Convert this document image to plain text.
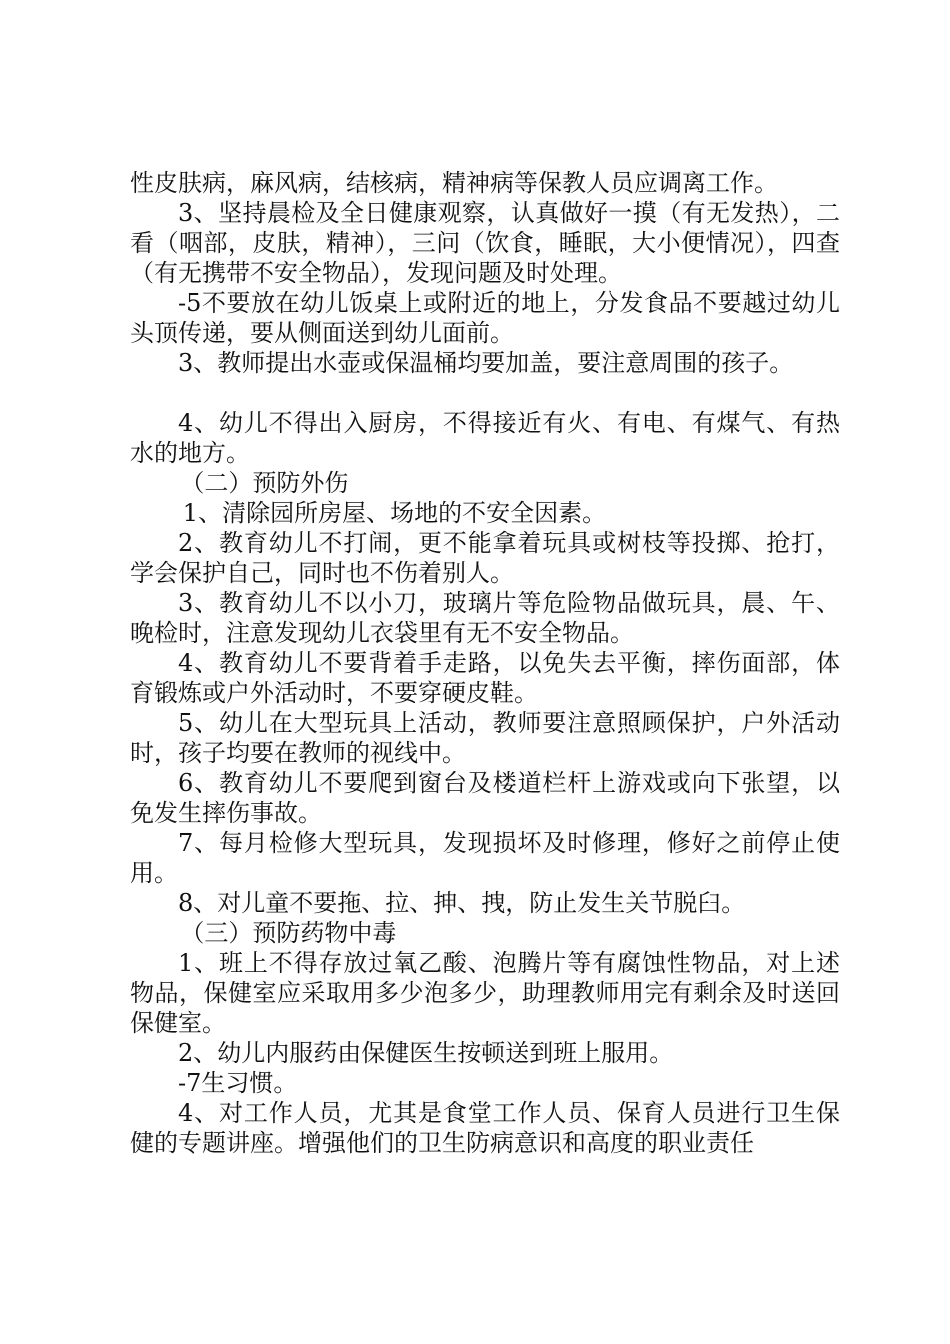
性皮肤病，麻风病，结核病，精神病等保教人员应调离工作。

3、坚持晨检及全日健康观察，认真做好一摸（有无发热），二看（咽部，皮肤，精神），三问（饮食，睡眠，大小便情况），四查（有无携带不安全物品），发现问题及时处理。

-5不要放在幼儿饭桌上或附近的地上，分发食品不要越过幼儿头顶传递，要从侧面送到幼儿面前。

3、教师提出水壶或保温桶均要加盖，要注意周围的孩子。

4、幼儿不得出入厨房，不得接近有火、有电、有煤气、有热水的地方。

（二）预防外伤

1、清除园所房屋、场地的不安全因素。

2、教育幼儿不打闹，更不能拿着玩具或树枝等投掷、抢打，学会保护自己，同时也不伤着别人。

3、教育幼儿不以小刀，玻璃片等危险物品做玩具，晨、午、晚检时，注意发现幼儿衣袋里有无不安全物品。

4、教育幼儿不要背着手走路，以免失去平衡，摔伤面部，体育锻炼或户外活动时，不要穿硬皮鞋。

5、幼儿在大型玩具上活动，教师要注意照顾保护，户外活动时，孩子均要在教师的视线中。

6、教育幼儿不要爬到窗台及楼道栏杆上游戏或向下张望，以免发生摔伤事故。

7、每月检修大型玩具，发现损坏及时修理，修好之前停止使用。

8、对儿童不要拖、拉、抻、拽，防止发生关节脱臼。

（三）预防药物中毒

1、班上不得存放过氧乙酸、泡腾片等有腐蚀性物品，对上述物品，保健室应采取用多少泡多少，助理教师用完有剩余及时送回保健室。

2、幼儿内服药由保健医生按顿送到班上服用。

-7生习惯。

4、对工作人员，尤其是食堂工作人员、保育人员进行卫生保健的专题讲座。增强他们的卫生防病意识和高度的职业责任
